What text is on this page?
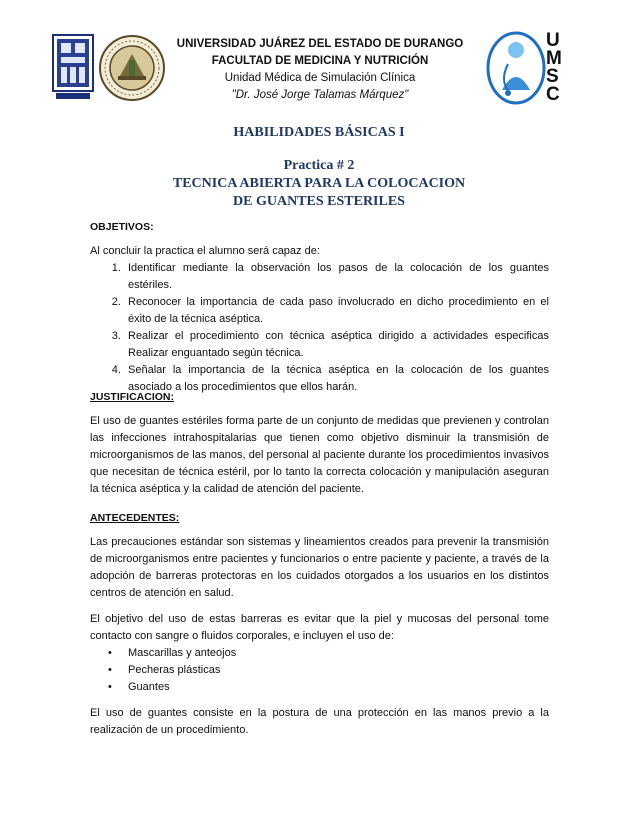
UNIVERSIDAD JUÁREZ DEL ESTADO DE DURANGO
FACULTAD DE MEDICINA Y NUTRICIÓN
Unidad Médica de Simulación Clínica
"Dr. José Jorge Talamas Márquez"
U
M
S
C
HABILIDADES BÁSICAS I
Practica # 2
TECNICA ABIERTA PARA LA COLOCACION
DE GUANTES ESTERILES
OBJETIVOS:

Al concluir la practica el alumno será capaz de:

1. Identificar mediante la observación los pasos de la colocación de los guantes estériles.
2. Reconocer la importancia de cada paso involucrado en dicho procedimiento en el éxito de la técnica aséptica.
3. Realizar el procedimiento con técnica aséptica dirigido a actividades especificas Realizar enguantado según técnica.
4. Señalar la importancia de la técnica aséptica en la colocación de los guantes asociado a los procedimientos que ellos harán.
JUSTIFICACION:

El uso de guantes estériles forma parte de un conjunto de medidas que previenen y controlan las infecciones intrahospitalarias que tienen como objetivo disminuir la transmisión de microorganismos de las manos, del personal al paciente durante los procedimientos invasivos que necesitan de técnica estéril, por lo tanto la correcta colocación y manipulación aseguran la técnica aséptica y la calidad de atención del paciente.

ANTECEDENTES:

Las precauciones estándar son sistemas y lineamientos creados para prevenir la transmisión de microorganismos entre pacientes y funcionarios o entre paciente y paciente, a través de la adopción de barreras protectoras en los cuidados otorgados a los usuarios en los distintos centros de atención en salud.

El objetivo del uso de estas barreras es evitar que la piel y mucosas del personal tome contacto con sangre o fluidos corporales, e incluyen el uso de:

• Mascarillas y anteojos
• Pecheras plásticas
• Guantes

El uso de guantes consiste en la postura de una protección en las manos previo a la realización de un procedimiento.
